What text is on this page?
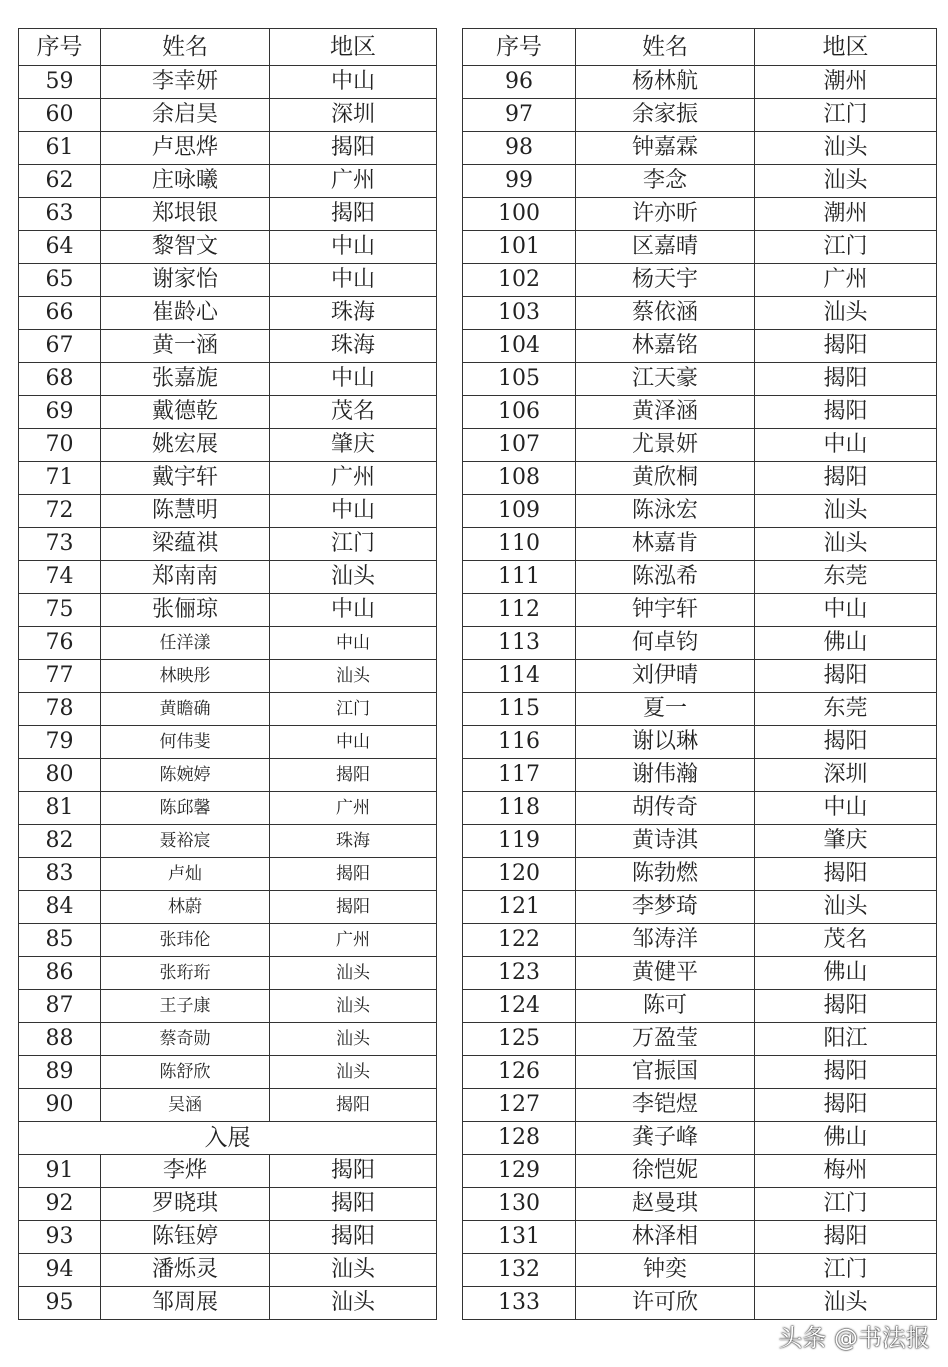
序号	姓名	地区
59	李幸妍	中山
60	余启昊	深圳
61	卢思烨	揭阳
62	庄咏曦	广州
63	郑垠银	揭阳
64	黎智文	中山
65	谢家怡	中山
66	崔龄心	珠海
67	黄一涵	珠海
68	张嘉旎	中山
69	戴德乾	茂名
70	姚宏展	肇庆
71	戴宇轩	广州
72	陈慧明	中山
73	梁蕴祺	江门
74	郑南南	汕头
75	张俪琼	中山
76	任洋漾	中山
77	林映彤	汕头
78	黄瞻确	江门
79	何伟斐	中山
80	陈婉婷	揭阳
81	陈邱馨	广州
82	聂裕宸	珠海
83	卢灿	揭阳
84	林蔚	揭阳
85	张玮伦	广州
86	张珩珩	汕头
87	王子康	汕头
88	蔡奇勋	汕头
89	陈舒欣	汕头
90	吴涵	揭阳
入展		
91	李烨	揭阳
92	罗晓琪	揭阳
93	陈钰婷	揭阳
94	潘烁灵	汕头
95	邹周展	汕头
序号	姓名	地区
96	杨林航	潮州
97	余家振	江门
98	钟嘉霖	汕头
99	李念	汕头
100	许亦昕	潮州
101	区嘉晴	江门
102	杨天宇	广州
103	蔡依涵	汕头
104	林嘉铭	揭阳
105	江天豪	揭阳
106	黄泽涵	揭阳
107	尤景妍	中山
108	黄欣桐	揭阳
109	陈泳宏	汕头
110	林嘉肯	汕头
111	陈泓希	东莞
112	钟宇轩	中山
113	何卓钧	佛山
114	刘伊晴	揭阳
115	夏一	东莞
116	谢以琳	揭阳
117	谢伟瀚	深圳
118	胡传奇	中山
119	黄诗淇	肇庆
120	陈勃燃	揭阳
121	李梦琦	汕头
122	邹涛洋	茂名
123	黄健平	佛山
124	陈可	揭阳
125	万盈莹	阳江
126	官振国	揭阳
127	李铠煜	揭阳
128	龚子峰	佛山
129	徐恺妮	梅州
130	赵曼琪	江门
131	林泽相	揭阳
132	钟奕	江门
133	许可欣	汕头
头条 @书法报
